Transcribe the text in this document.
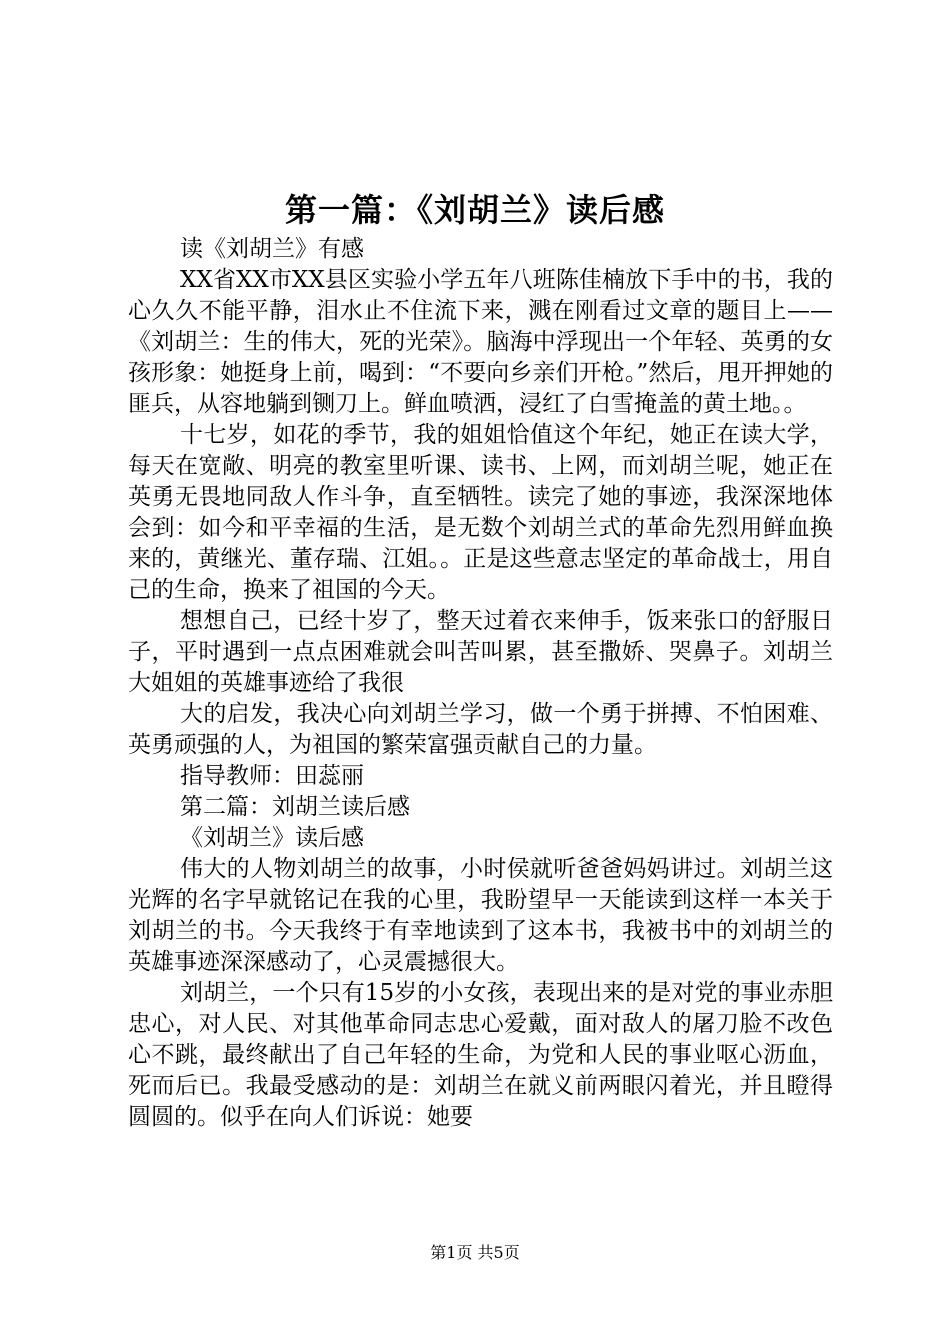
第一篇：《刘胡兰》读后感

读《刘胡兰》有感

XX省XX市XX县区实验小学五年八班陈佳楠放下手中的书，我的心久久不能平静，泪水止不住流下来，溅在刚看过文章的题目上——《刘胡兰：生的伟大，死的光荣》。脑海中浮现出一个年轻、英勇的女孩形象：她挺身上前，喝到：“不要向乡亲们开枪。”然后，甩开押她的匪兵，从容地躺到铡刀上。鲜血喷洒，浸红了白雪掩盖的黄土地。。

十七岁，如花的季节，我的姐姐恰值这个年纪，她正在读大学，每天在宽敞、明亮的教室里听课、读书、上网，而刘胡兰呢，她正在英勇无畏地同敌人作斗争，直至牺牲。读完了她的事迹，我深深地体会到：如今和平幸福的生活，是无数个刘胡兰式的革命先烈用鲜血换来的，黄继光、董存瑞、江姐。。正是这些意志坚定的革命战士，用自己的生命，换来了祖国的今天。

想想自己，已经十岁了，整天过着衣来伸手，饭来张口的舒服日子，平时遇到一点点困难就会叫苦叫累，甚至撒娇、哭鼻子。刘胡兰大姐姐的英雄事迹给了我很

大的启发，我决心向刘胡兰学习，做一个勇于拼搏、不怕困难、英勇顽强的人，为祖国的繁荣富强贡献自己的力量。

指导教师：田蕊丽

第二篇：刘胡兰读后感

《刘胡兰》读后感

伟大的人物刘胡兰的故事，小时侯就听爸爸妈妈讲过。刘胡兰这光辉的名字早就铭记在我的心里，我盼望早一天能读到这样一本关于刘胡兰的书。今天我终于有幸地读到了这本书，我被书中的刘胡兰的英雄事迹深深感动了，心灵震撼很大。

刘胡兰，一个只有15岁的小女孩，表现出来的是对党的事业赤胆忠心，对人民、对其他革命同志忠心爱戴，面对敌人的屠刀脸不改色心不跳，最终献出了自己年轻的生命，为党和人民的事业呕心沥血，死而后已。我最受感动的是：刘胡兰在就义前两眼闪着光，并且瞪得圆圆的。似乎在向人们诉说：她要

第1页 共5页
